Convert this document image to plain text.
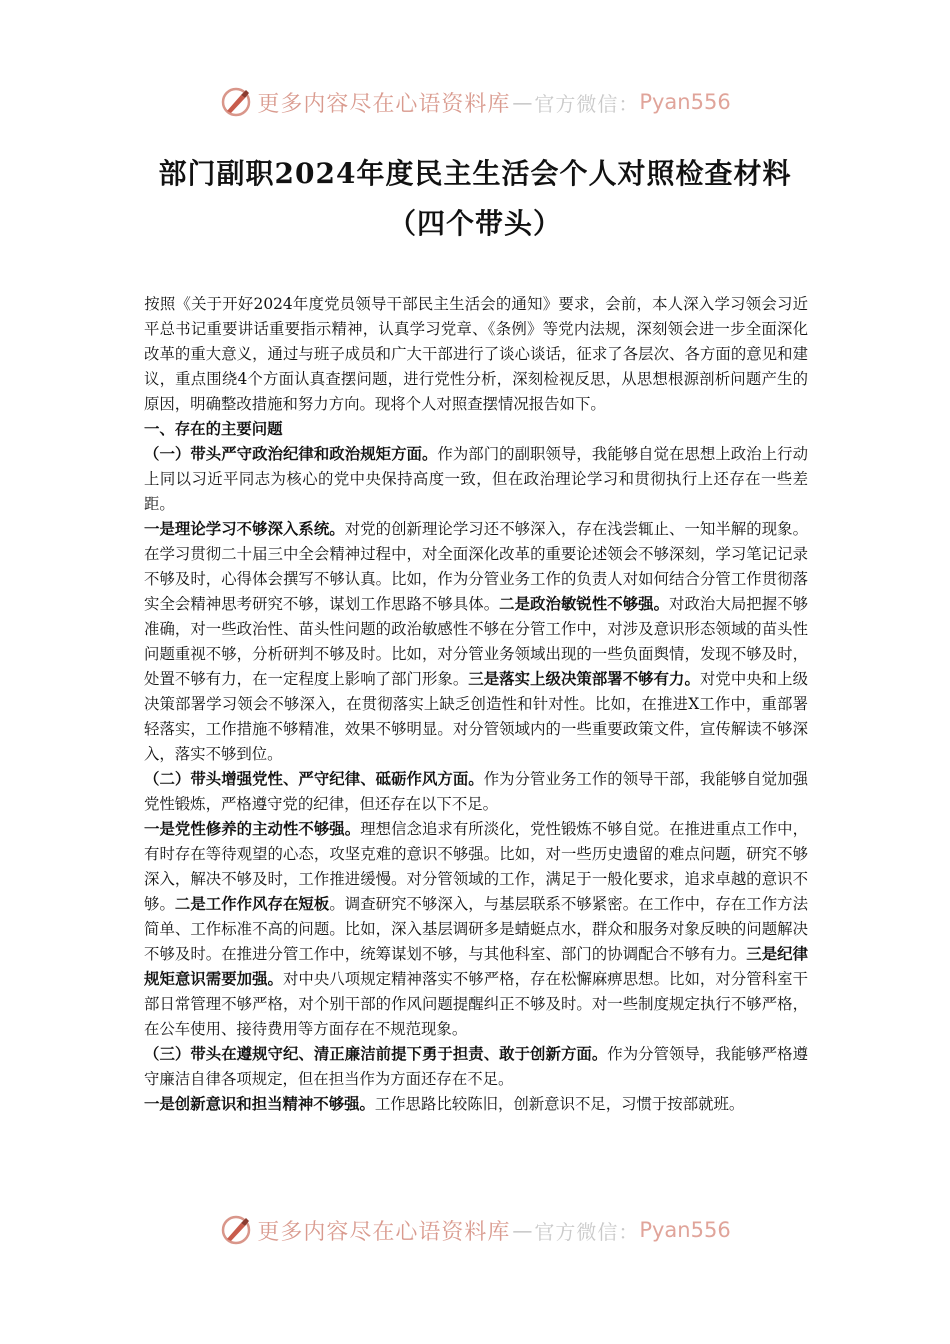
更多内容尽在心语资料库 — 官方微信： Pyan556
部门副职2024年度民主生活会个人对照检查材料
（四个带头）

按照《关于开好2024年度党员领导干部民主生活会的通知》要求，会前，本人深入学习领会习近平总书记重要讲话重要指示精神，认真学习党章、《条例》等党内法规，深刻领会进一步全面深化改革的重大意义，通过与班子成员和广大干部进行了谈心谈话，征求了各层次、各方面的意见和建议，重点围绕4个方面认真查摆问题，进行党性分析，深刻检视反思，从思想根源剖析问题产生的原因，明确整改措施和努力方向。现将个人对照查摆情况报告如下。

一、存在的主要问题

（一）带头严守政治纪律和政治规矩方面。作为部门的副职领导，我能够自觉在思想上政治上行动上同以习近平同志为核心的党中央保持高度一致，但在政治理论学习和贯彻执行上还存在一些差距。

一是理论学习不够深入系统。对党的创新理论学习还不够深入，存在浅尝辄止、一知半解的现象。在学习贯彻二十届三中全会精神过程中，对全面深化改革的重要论述领会不够深刻，学习笔记记录不够及时，心得体会撰写不够认真。比如，作为分管业务工作的负责人对如何结合分管工作贯彻落实全会精神思考研究不够，谋划工作思路不够具体。二是政治敏锐性不够强。对政治大局把握不够准确，对一些政治性、苗头性问题的政治敏感性不够在分管工作中，对涉及意识形态领域的苗头性问题重视不够，分析研判不够及时。比如，对分管业务领域出现的一些负面舆情，发现不够及时，处置不够有力，在一定程度上影响了部门形象。三是落实上级决策部署不够有力。对党中央和上级决策部署学习领会不够深入，在贯彻落实上缺乏创造性和针对性。比如，在推进X工作中，重部署轻落实，工作措施不够精准，效果不够明显。对分管领域内的一些重要政策文件，宣传解读不够深入，落实不够到位。

（二）带头增强党性、严守纪律、砥砺作风方面。作为分管业务工作的领导干部，我能够自觉加强党性锻炼，严格遵守党的纪律，但还存在以下不足。

一是党性修养的主动性不够强。理想信念追求有所淡化，党性锻炼不够自觉。在推进重点工作中，有时存在等待观望的心态，攻坚克难的意识不够强。比如，对一些历史遗留的难点问题，研究不够深入，解决不够及时，工作推进缓慢。对分管领域的工作，满足于一般化要求，追求卓越的意识不够。二是工作作风存在短板。调查研究不够深入，与基层联系不够紧密。在工作中，存在工作方法简单、工作标准不高的问题。比如，深入基层调研多是蜻蜓点水，群众和服务对象反映的问题解决不够及时。在推进分管工作中，统筹谋划不够，与其他科室、部门的协调配合不够有力。三是纪律规矩意识需要加强。对中央八项规定精神落实不够严格，存在松懈麻痹思想。比如，对分管科室干部日常管理不够严格，对个别干部的作风问题提醒纠正不够及时。对一些制度规定执行不够严格，在公车使用、接待费用等方面存在不规范现象。

（三）带头在遵规守纪、清正廉洁前提下勇于担责、敢于创新方面。作为分管领导，我能够严格遵守廉洁自律各项规定，但在担当作为方面还存在不足。

一是创新意识和担当精神不够强。工作思路比较陈旧，创新意识不足，习惯于按部就班。

更多内容尽在心语资料库 — 官方微信： Pyan556
